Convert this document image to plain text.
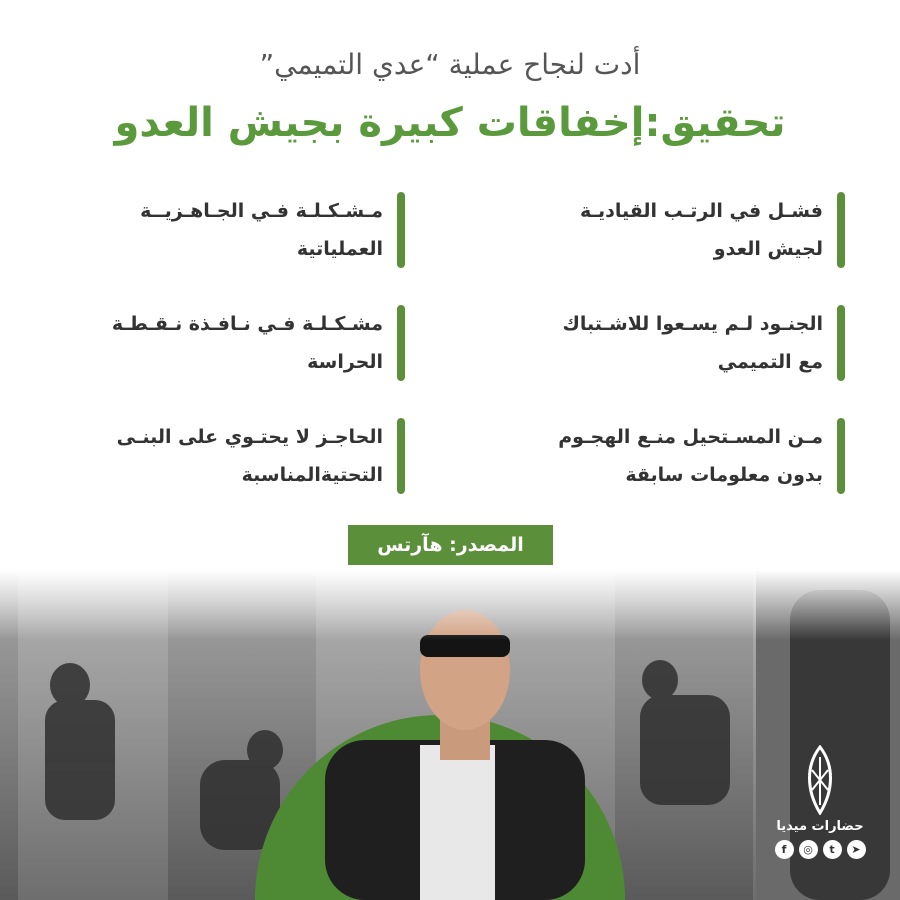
أدت لنجاح عملية “عدي التميمي”
تحقيق:إخفاقات كبيرة بجيش العدو
فشـل في الرتـب القياديـة
لجيش العدو
مـشـكـلـة فـي الجـاهـزيــة
العملياتية
الجنـود لـم يسـعوا للاشـتباك
مع التميمي
مشـكـلـة فـي نـافـذة نـقـطـة
الحراسة
مـن المسـتحيل منـع الهجـوم
بدون معلومات سابقة
الحاجـز لا يحتـوي على البنـى
التحتيةالمناسبة
المصدر: هآرتس
حضارات ميديا
f	◎	t	➤
